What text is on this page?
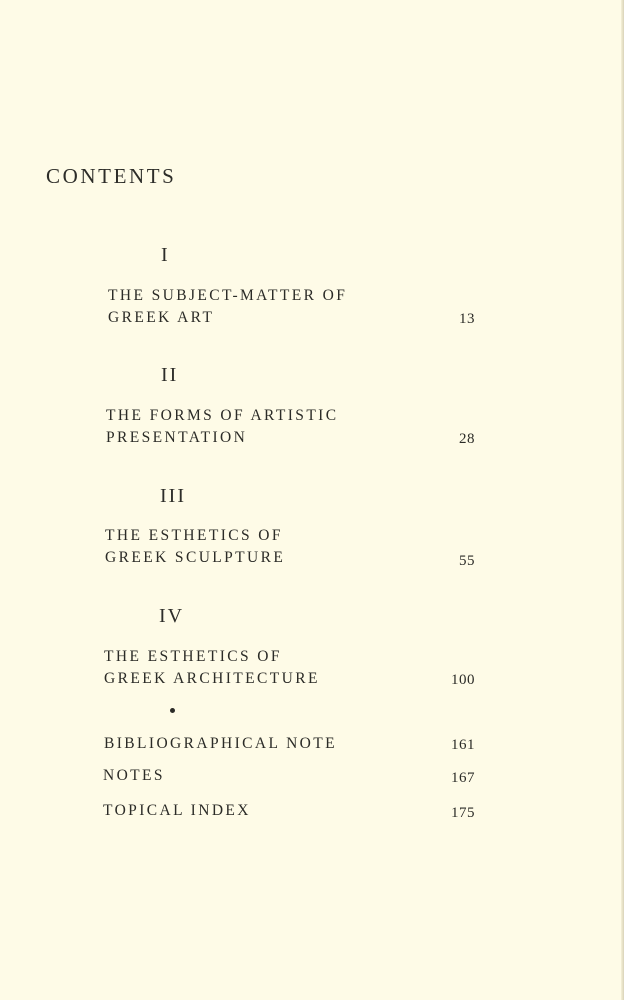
CONTENTS
I
THE SUBJECT-MATTER OF
GREEK ART	13
II
THE FORMS OF ARTISTIC
PRESENTATION	28
III
THE ESTHETICS OF
GREEK SCULPTURE	55
IV
THE ESTHETICS OF
GREEK ARCHITECTURE	100
BIBLIOGRAPHICAL NOTE	161
NOTES	167
TOPICAL INDEX	175
